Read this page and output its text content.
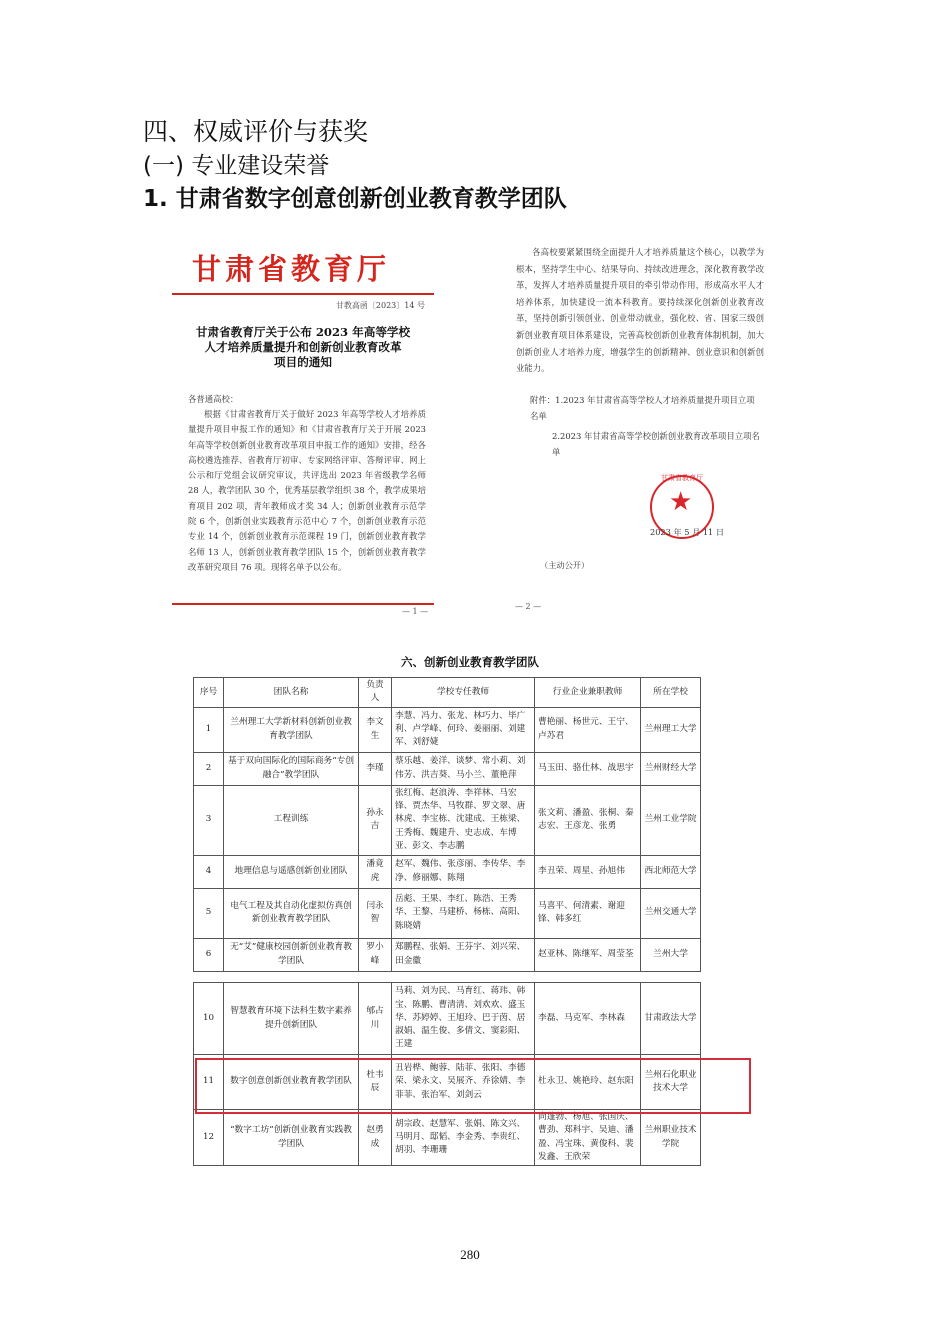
四、权威评价与获奖
(一) 专业建设荣誉
1. 甘肃省数字创意创新创业教育教学团队
甘肃省教育厅
甘教高函〔2023〕14 号
甘肃省教育厅关于公布 2023 年高等学校
人才培养质量提升和创新创业教育改革
项目的通知
各普通高校：
根据《甘肃省教育厅关于做好 2023 年高等学校人才培养质量提升项目申报工作的通知》和《甘肃省教育厅关于开展 2023 年高等学校创新创业教育改革项目申报工作的通知》安排，经各高校遴选推荐、省教育厅初审、专家网络评审、答辩评审、网上公示和厅党组会议研究审议，共评选出 2023 年省级教学名师 28 人，教学团队 30 个，优秀基层教学组织 38 个，教学成果培育项目 202 项，青年教师成才奖 34 人；创新创业教育示范学院 6 个，创新创业实践教育示范中心 7 个，创新创业教育示范专业 14 个，创新创业教育示范课程 19 门，创新创业教育教学名师 13 人，创新创业教育教学团队 15 个，创新创业教育教学改革研究项目 76 项。现将名单予以公布。
— 1 —
各高校要紧紧围绕全面提升人才培养质量这个核心，以教学为根本，坚持学生中心、结果导向、持续改进理念，深化教育教学改革，发挥人才培养质量提升项目的牵引带动作用，形成高水平人才培养体系，加快建设一流本科教育。要持续深化创新创业教育改革，坚持创新引领创业、创业带动就业，强化校、省、国家三级创新创业教育项目体系建设，完善高校创新创业教育体制机制，加大创新创业人才培养力度，增强学生的创新精神、创业意识和创新创业能力。
附件：1.2023 年甘肃省高等学校人才培养质量提升项目立项名单
2.2023 年甘肃省高等学校创新创业教育改革项目立项名单
甘肃省教育厅
★
2023 年 5 月 11 日
（主动公开）
— 2 —
六、创新创业教育教学团队
序号	团队名称	负责人	学校专任教师	行业企业兼职教师	所在学校
1	兰州理工大学新材料创新创业教育教学团队	李文生	李慧、冯力、张龙、林巧力、毕广利、卢学峰、何玲、姜丽丽、刘建军、刘舒婕	曹艳丽、杨世元、王宁、卢苏君	兰州理工大学
2	基于双向国际化的国际商务“专创融合”教学团队	李瑾	蔡乐越、姜洋、谈梦、常小莉、刘伟芳、洪吉葵、马小兰、董艳萍	马玉田、骆仕林、战思宇	兰州财经大学
3	工程训练	孙永吉	张红梅、赵浪涛、李祥林、马宏锋、贾杰华、马牧群、罗文翠、唐林虎、李宝栋、沈建成、王栋梁、王秀梅、魏建升、史志成、车博亚、彭文、李志鹏	张文莉、潘盈、张桐、秦志宏、王彦龙、张勇	兰州工业学院
4	地理信息与遥感创新创业团队	潘竟虎	赵军、魏伟、张彦丽、李传华、李净、修丽娜、陈翔	李丑荣、周星、孙旭伟	西北师范大学
5	电气工程及其自动化虚拟仿真创新创业教育教学团队	闫永智	岳彪、王果、李红、陈浩、王秀华、王黎、马建桥、杨栋、高阳、陈晓婧	马喜平、何清素、谢迎锋、韩多红	兰州交通大学
6	无“艾”健康校园创新创业教育教学团队	罗小峰	郑鹏程、张娟、王芬宇、刘兴荣、田金徽	赵亚林、陈继军、周莹荃	兰州大学
10	智慧教育环境下法科生数字素养提升创新团队	郇占川	马莉、刘为民、马育红、蒋玮、韩宝、陈鹏、曹清清、刘欢欢、盛玉华、苏婷婷、王旭玲、巴于茵、居淑娟、温生俊、多倩文、窦彩阳、王建	李磊、马克军、李林森	甘肃政法大学
11	数字创意创新创业教育教学团队	杜韦辰	丑岩桦、鲍蓉、陆菲、张阳、李德荣、梁永文、吴展齐、乔徐婧、李菲菲、张治军、刘剑云	杜永卫、姚艳玲、赵东阳	兰州石化职业技术大学
12	“数字工坊”创新创业教育实践教学团队	赵勇成	胡宗政、赵慧军、张娟、陈文兴、马明月、邸韬、李金秀、李贵红、胡羽、李珊珊	尚蓬勃、杨旭、张国庆、曹劲、郑科宇、吴迪、潘盈、冯宝珠、黄俊科、裴发鑫、王欣荣	兰州职业技术学院
280
